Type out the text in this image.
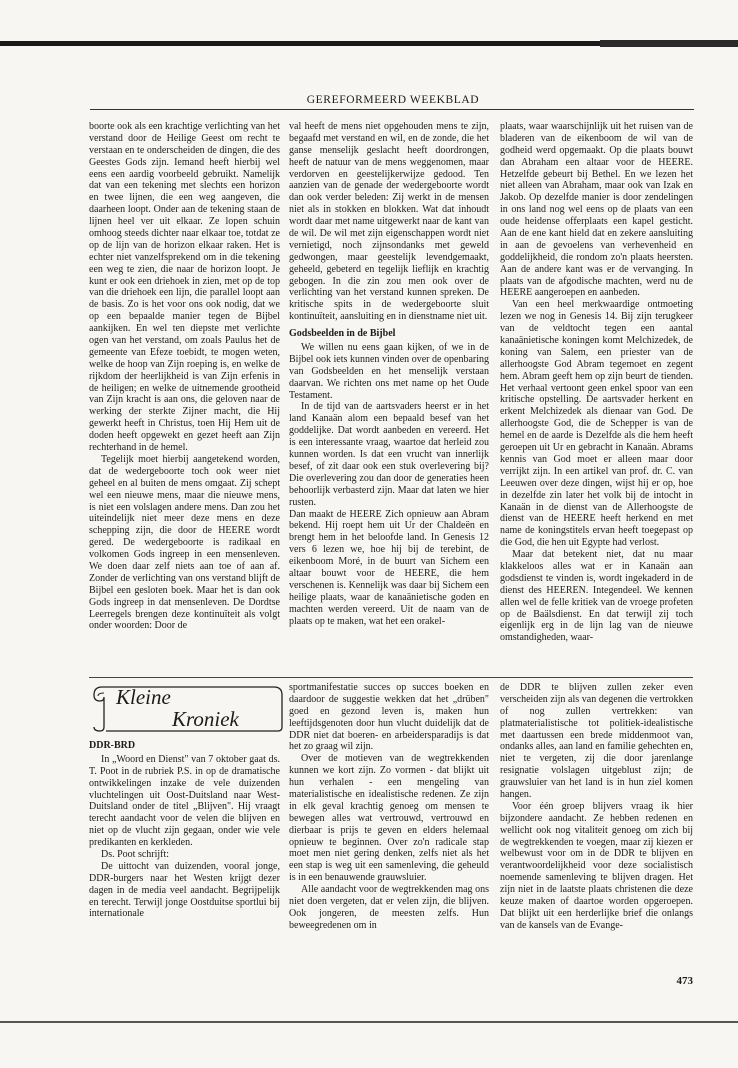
GEREFORMEERD WEEKBLAD

boorte ook als een krachtige verlichting van het verstand door de Heilige Geest om recht te verstaan en te onderscheiden de dingen, die des Geestes Gods zijn. Iemand heeft hierbij wel eens een aardig voorbeeld gebruikt. Namelijk dat van een tekening met slechts een horizon en twee lijnen, die een weg aangeven, die daarheen loopt. Onder aan de tekening staan de lijnen heel ver uit elkaar. Ze lopen schuin omhoog steeds dichter naar elkaar toe, totdat ze op de lijn van de horizon elkaar raken. Het is echter niet vanzelfsprekend om in die tekening een weg te zien, die naar de horizon loopt. Je kunt er ook een driehoek in zien, met op de top van die driehoek een lijn, die parallel loopt aan de basis. Zo is het voor ons ook nodig, dat we op een bepaalde manier tegen de Bijbel aankijken. En wel ten diepste met verlichte ogen van het verstand, om zoals Paulus het de gemeente van Efeze toebidt, te mogen weten, welke de hoop van Zijn roeping is, en welke de rijkdom der heerlijkheid is van Zijn erfenis in de heiligen; en welke de uitnemende grootheid van Zijn kracht is aan ons, die geloven naar de werking der sterkte Zijner macht, die Hij gewerkt heeft in Christus, toen Hij Hem uit de doden heeft opgewekt en gezet heeft aan Zijn rechterhand in de hemel.

Tegelijk moet hierbij aangetekend worden, dat de wedergeboorte toch ook weer niet geheel en al buiten de mens omgaat. Zij schept wel een nieuwe mens, maar die nieuwe mens, is niet een volslagen andere mens. Dan zou het uiteindelijk niet meer deze mens en deze schepping zijn, die door de HEERE wordt gered. De wedergeboorte is radikaal en volkomen Gods ingreep in een mensenleven. We doen daar zelf niets aan toe of aan af. Zonder de verlichting van ons verstand blijft de Bijbel een gesloten boek. Maar het is dan ook Gods ingreep in dat mensenleven. De Dordtse Leerregels brengen deze kontinuïteit als volgt onder woorden: Door de

val heeft de mens niet opgehouden mens te zijn, begaafd met verstand en wil, en de zonde, die het ganse menselijk geslacht heeft doordrongen, heeft de natuur van de mens weggenomen, maar verdorven en geestelijkerwijze gedood. Ten aanzien van de genade der wedergeboorte wordt dan ook verder beleden: Zij werkt in de mensen niet als in stokken en blokken. Wat dat inhoudt wordt daar met name uitgewerkt naar de kant van de wil. De wil met zijn eigenschappen wordt niet vernietigd, noch zijnsondanks met geweld gedwongen, maar geestelijk levendgemaakt, geheeld, gebeterd en tegelijk lieflijk en krachtig gebogen. In die zin zou men ook over de verlichting van het verstand kunnen spreken. De kritische spits in de wedergeboorte sluit kontinuïteit, aansluiting en in dienstname niet uit.

Godsbeelden in de Bijbel

We willen nu eens gaan kijken, of we in de Bijbel ook iets kunnen vinden over de openbaring van Godsbeelden en het menselijk verstaan daarvan. We richten ons met name op het Oude Testament.

In de tijd van de aartsvaders heerst er in het land Kanaän alom een bepaald besef van het goddelijke. Dat wordt aanbeden en vereerd. Het is een interessante vraag, waartoe dat herleid zou kunnen worden. Is dat een vrucht van innerlijk besef, of zit daar ook een stuk overlevering bij? Die overlevering zou dan door de generaties heen behoorlijk verbasterd zijn. Maar dat laten we hier rusten.

Dan maakt de HEERE Zich opnieuw aan Abram bekend. Hij roept hem uit Ur der Chaldeën en brengt hem in het beloofde land. In Genesis 12 vers 6 lezen we, hoe hij bij de terebint, de eikenboom Moré, in de buurt van Sichem een altaar bouwt voor de HEERE, die hem verschenen is. Kennelijk was daar bij Sichem een heilige plaats, waar de kanaänietische goden en machten werden vereerd. Uit de naam van de plaats op te maken, wat het een orakel-

plaats, waar waarschijnlijk uit het ruisen van de bladeren van de eikenboom de wil van de godheid werd opgemaakt. Op die plaats bouwt dan Abraham een altaar voor de HEERE. Hetzelfde gebeurt bij Bethel. En we lezen het niet alleen van Abraham, maar ook van Izak en Jakob. Op dezelfde manier is door zendelingen in ons land nog wel eens op de plaats van een oude heidense offerplaats een kapel gesticht. Aan de ene kant hield dat en zekere aansluiting in aan de gevoelens van verhevenheid en goddelijkheid, die rondom zo'n plaats heersten. Aan de andere kant was er de vervanging. In plaats van de afgodische machten, werd nu de HEERE aangeroepen en aanbeden.

Van een heel merkwaardige ontmoeting lezen we nog in Genesis 14. Bij zijn terugkeer van de veldtocht tegen een aantal kanaänietische koningen komt Melchizedek, de koning van Salem, een priester van de allerhoogste God Abram tegemoet en zegent hem. Abram geeft hem op zijn beurt de tienden. Het verhaal vertoont geen enkel spoor van een kritische opstelling. De aartsvader herkent en erkent Melchizedek als dienaar van God. De allerhoogste God, die de Schepper is van de hemel en de aarde is Dezelfde als die hem heeft geroepen uit Ur en gebracht in Kanaän. Abrams kennis van God moet er alleen maar door verrijkt zijn. In een artikel van prof. dr. C. van Leeuwen over deze dingen, wijst hij er op, hoe in dezelfde zin later het volk bij de intocht in Kanaän in de dienst van de Allerhoogste de dienst van de HEERE heeft herkend en met name de koningstitels ervan heeft toegepast op die God, die hen uit Egypte had verlost.

Maar dat betekent niet, dat nu maar klakkeloos alles wat er in Kanaän aan godsdienst te vinden is, wordt ingekaderd in de dienst des HEEREN. Integendeel. We kennen allen wel de felle kritiek van de vroege profeten op de Baälsdienst. En dat terwijl zij toch eigenlijk erg in de lijn lag van de nieuwe omstandigheden, waar-

Kleine
Kroniek
DDR-BRD

In „Woord en Dienst" van 7 oktober gaat ds. T. Poot in de rubriek P.S. in op de dramatische ontwikkelingen inzake de vele duizenden vluchtelingen uit Oost-Duitsland naar West-Duitsland onder de titel „Blijven". Hij vraagt terecht aandacht voor de velen die blijven en niet op de vlucht zijn gegaan, onder wie vele predikanten en kerkleden.

Ds. Poot schrijft:

De uittocht van duizenden, vooral jonge, DDR-burgers naar het Westen krijgt dezer dagen in de media veel aandacht. Begrijpelijk en terecht. Terwijl jonge Oostduitse sportlui bij internationale

sportmanifestatie succes op succes boeken en daardoor de suggestie wekken dat het „drüben" goed en gezond leven is, maken hun leeftijdsgenoten door hun vlucht duidelijk dat de DDR niet dat boeren- en arbeidersparadijs is dat het zo graag wil zijn.

Over de motieven van de wegtrekkenden kunnen we kort zijn. Zo vormen - dat blijkt uit hun verhalen - een mengeling van materialistische en idealistische redenen. Ze zijn in elk geval krachtig genoeg om mensen te bewegen alles wat vertrouwd, vertrouwd en dierbaar is prijs te geven en elders helemaal opnieuw te beginnen. Over zo'n radicale stap moet men niet gering denken, zelfs niet als het een stap is weg uit een samenleving, die geheuld is in een benauwende grauwsluier.

Alle aandacht voor de wegtrekkenden mag ons niet doen vergeten, dat er velen zijn, die blijven. Ook jongeren, de meesten zelfs. Hun beweegredenen om in

de DDR te blijven zullen zeker even verscheiden zijn als van degenen die vertrokken of nog zullen vertrekken: van platmaterialistische tot politiek-idealistische met daartussen een brede middenmoot van, ondanks alles, aan land en familie gehechten en, niet te vergeten, zij die door jarenlange resignatie volslagen uitgeblust zijn; de grauwsluier van het land is in hun ziel komen hangen.

Voor één groep blijvers vraag ik hier bijzondere aandacht. Ze hebben redenen en wellicht ook nog vitaliteit genoeg om zich bij de wegtrekkenden te voegen, maar zij kiezen er welbewust voor om in de DDR te blijven en verantwoordelijkheid voor deze socialistisch noemende samenleving te blijven dragen. Het zijn niet in de laatste plaats christenen die deze keuze maken of daartoe worden opgeroepen. Dat blijkt uit een herderlijke brief die onlangs van de kansels van de Evange-

473
